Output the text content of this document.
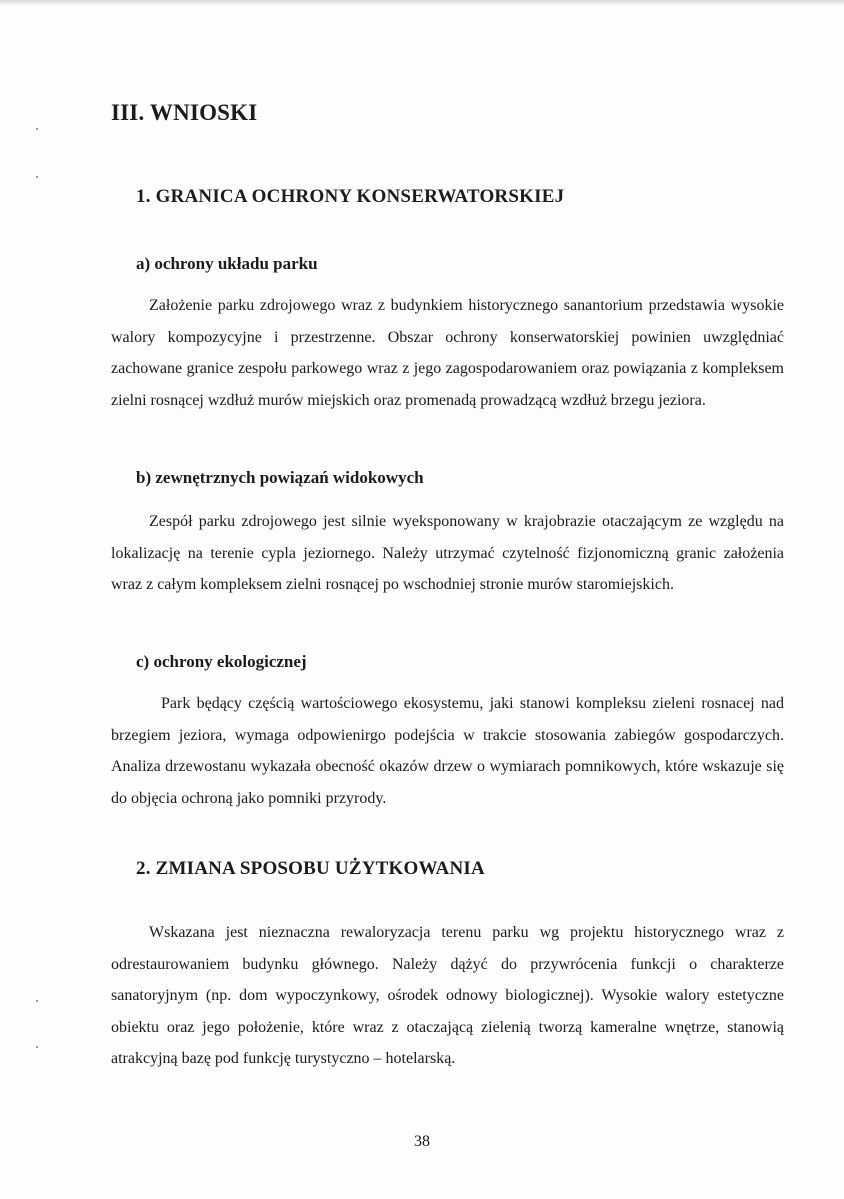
III. WNIOSKI
1. GRANICA OCHRONY KONSERWATORSKIEJ
a) ochrony układu parku

Założenie parku zdrojowego wraz z budynkiem historycznego sanantorium przedstawia wysokie walory kompozycyjne i przestrzenne. Obszar ochrony konserwatorskiej powinien uwzględniać zachowane granice zespołu parkowego wraz z jego zagospodarowaniem oraz powiązania z kompleksem zielni rosnącej wzdłuż murów miejskich oraz promenadą prowadzącą wzdłuż brzegu jeziora.

b) zewnętrznych powiązań widokowych

Zespół parku zdrojowego jest silnie wyeksponowany w krajobrazie otaczającym ze względu na lokalizację na terenie cypla jeziornego. Należy utrzymać czytelność fizjonomiczną granic założenia wraz z całym kompleksem zielni rosnącej po wschodniej stronie murów staromiejskich.

c) ochrony ekologicznej

Park będący częścią wartościowego ekosystemu, jaki stanowi kompleksu zieleni rosnacej nad brzegiem jeziora, wymaga odpowienirgo podejścia w trakcie stosowania zabiegów gospodarczych. Analiza drzewostanu wykazała obecność okazów drzew o wymiarach pomnikowych, które wskazuje się do objęcia ochroną jako pomniki przyrody.

2. ZMIANA SPOSOBU UŻYTKOWANIA

Wskazana jest nieznaczna rewaloryzacja terenu parku wg projektu historycznego wraz z odrestaurowaniem budynku głównego. Należy dążyć do przywrócenia funkcji o charakterze sanatoryjnym (np. dom wypoczynkowy, ośrodek odnowy biologicznej). Wysokie walory estetyczne obiektu oraz jego położenie, które wraz z otaczającą zielenią tworzą kameralne wnętrze, stanowią atrakcyjną bazę pod funkcję turystyczno – hotelarską.

38
